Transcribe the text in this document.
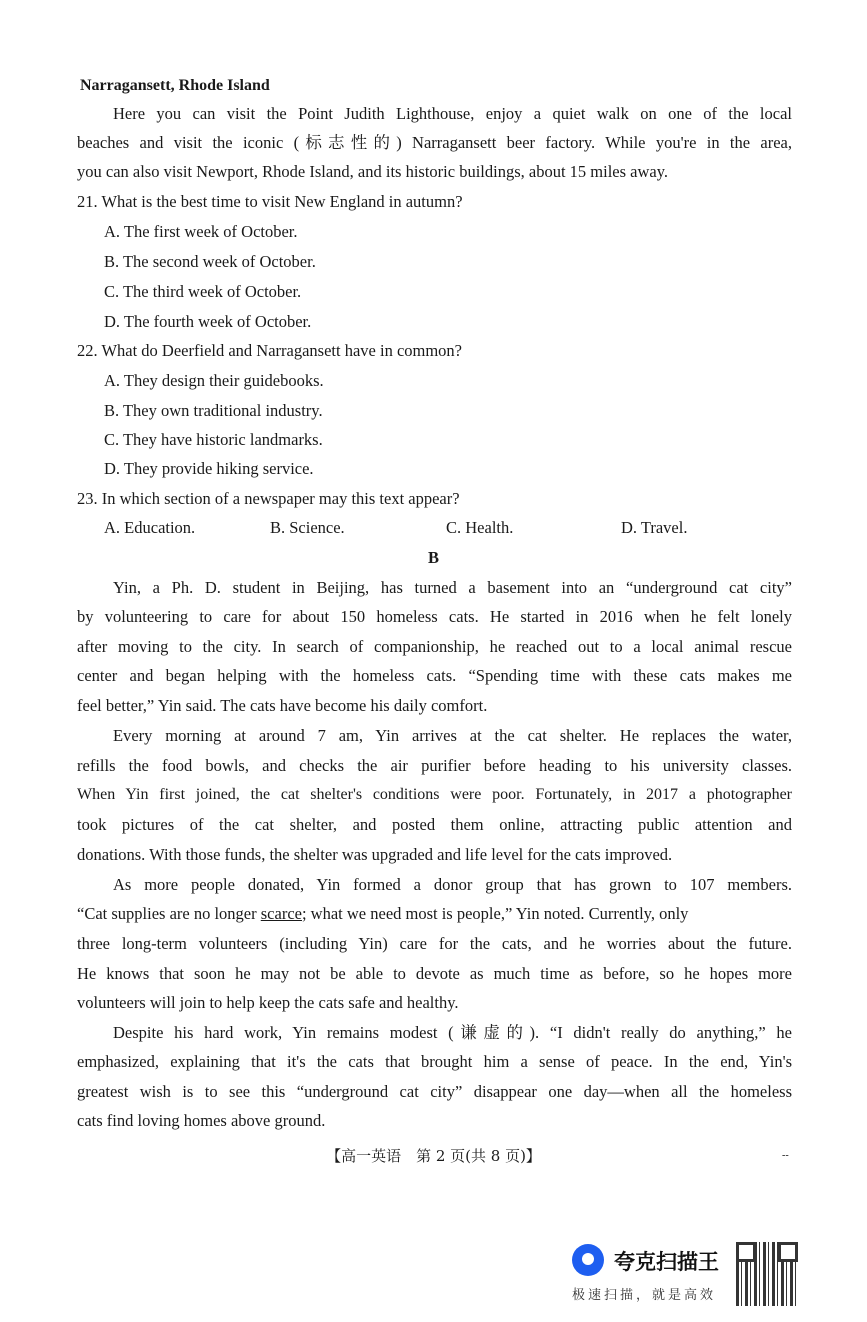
Narragansett, Rhode Island
Here you can visit the Point Judith Lighthouse, enjoy a quiet walk on one of the local
beaches and visit the iconic (标志性的) Narragansett beer factory. While you're in the area,
you can also visit Newport, Rhode Island, and its historic buildings, about 15 miles away.
21. What is the best time to visit New England in autumn?
A. The first week of October.
B. The second week of October.
C. The third week of October.
D. The fourth week of October.
22. What do Deerfield and Narragansett have in common?
A. They design their guidebooks.
B. They own traditional industry.
C. They have historic landmarks.
D. They provide hiking service.
23. In which section of a newspaper may this text appear?
A. Education.	B. Science.	C. Health.	D. Travel.
B
Yin, a Ph. D. student in Beijing, has turned a basement into an “underground cat city”
by volunteering to care for about 150 homeless cats. He started in 2016 when he felt lonely
after moving to the city. In search of companionship, he reached out to a local animal rescue
center and began helping with the homeless cats. “Spending time with these cats makes me
feel better,” Yin said. The cats have become his daily comfort.
Every morning at around 7 am, Yin arrives at the cat shelter. He replaces the water,
refills the food bowls, and checks the air purifier before heading to his university classes.
When Yin first joined, the cat shelter's conditions were poor. Fortunately, in 2017 a photographer
took pictures of the cat shelter, and posted them online, attracting public attention and
donations. With those funds, the shelter was upgraded and life level for the cats improved.
As more people donated, Yin formed a donor group that has grown to 107 members.
“Cat supplies are no longer scarce; what we need most is people,” Yin noted. Currently, only
three long-term volunteers (including Yin) care for the cats, and he worries about the future.
He knows that soon he may not be able to devote as much time as before, so he hopes more
volunteers will join to help keep the cats safe and healthy.
Despite his hard work, Yin remains modest (谦虚的). “I didn't really do anything,” he
emphasized, explaining that it's the cats that brought him a sense of peace. In the end, Yin's
greatest wish is to see this “underground cat city” disappear one day—when all the homeless
cats find loving homes above ground.
【高一英语　第 2 页(共 8 页)】	--
夸克扫描王
极速扫描，就是高效
